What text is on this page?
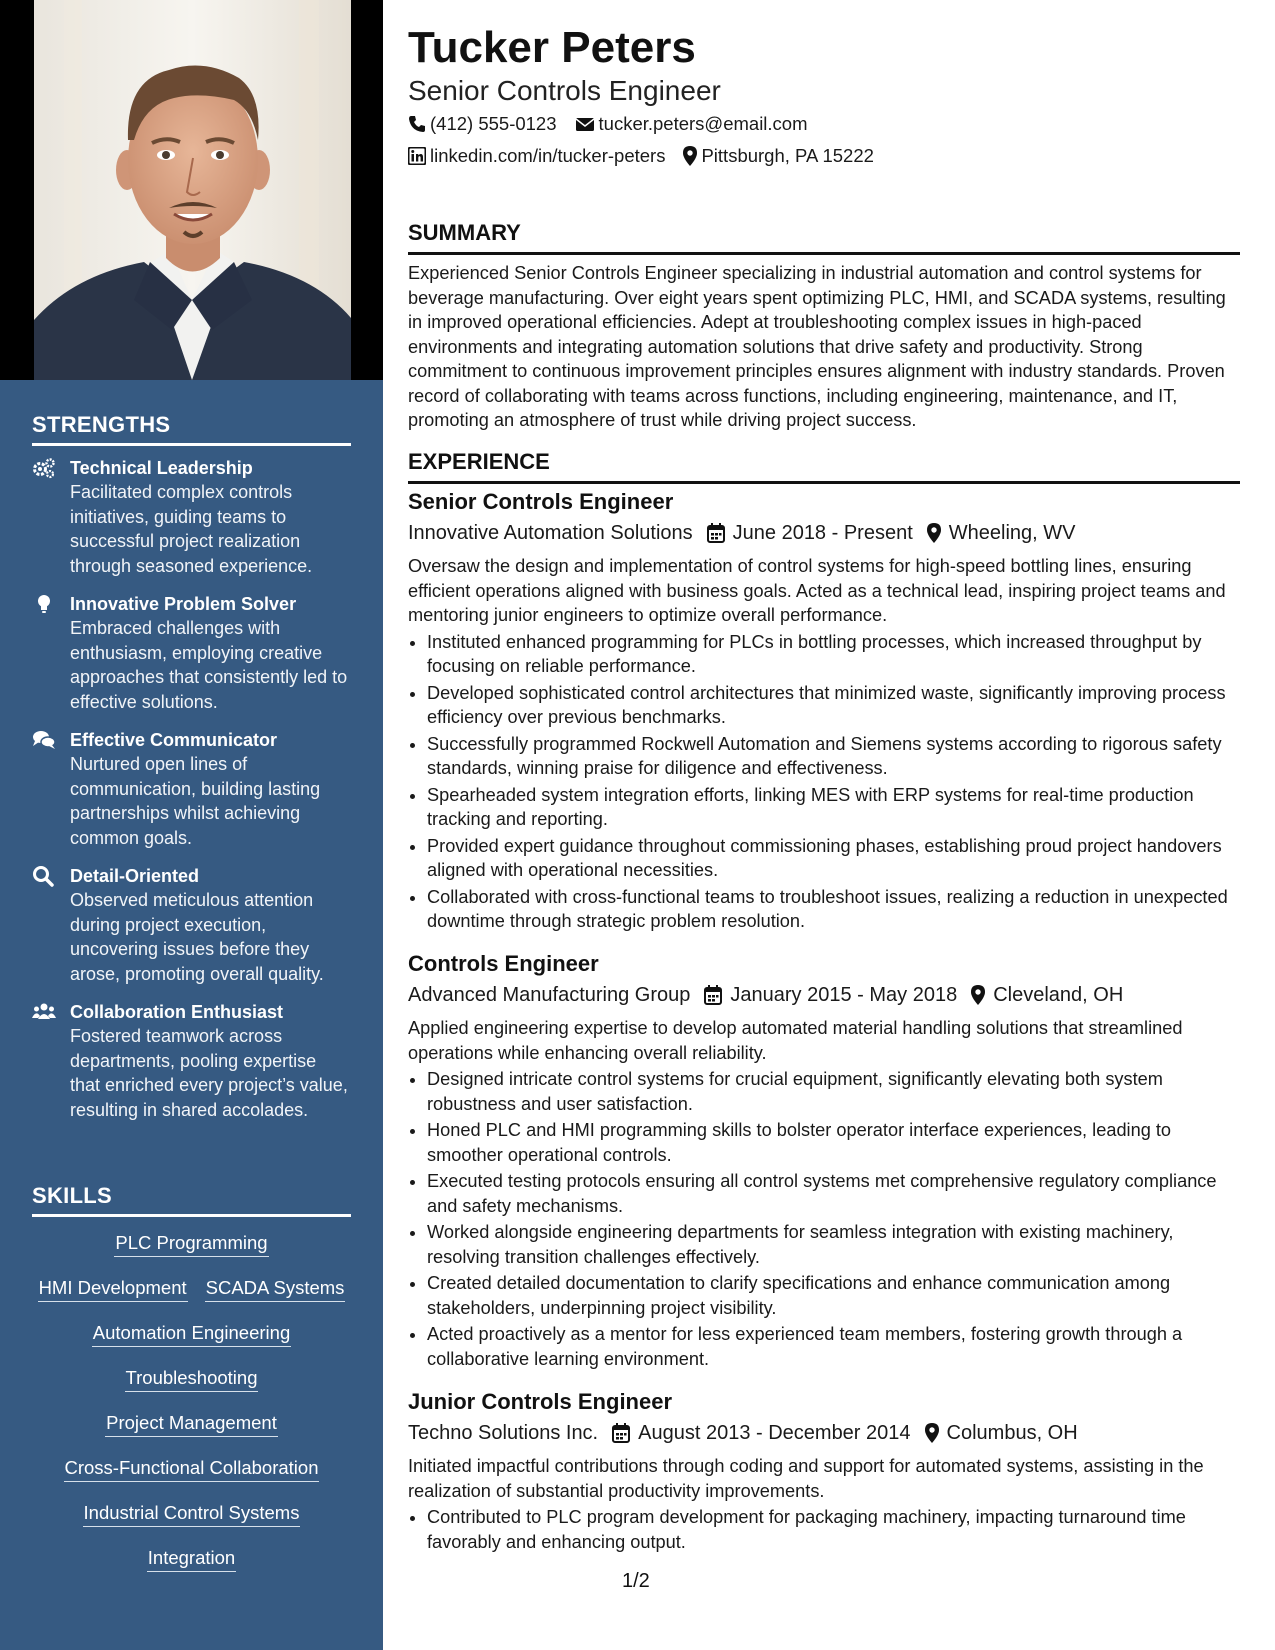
STRENGTHS
Technical Leadership
Facilitated complex controls initiatives, guiding teams to successful project realization through seasoned experience.
Innovative Problem Solver
Embraced challenges with enthusiasm, employing creative approaches that consistently led to effective solutions.
Effective Communicator
Nurtured open lines of communication, building lasting partnerships whilst achieving common goals.
Detail-Oriented
Observed meticulous attention during project execution, uncovering issues before they arose, promoting overall quality.
Collaboration Enthusiast
Fostered teamwork across departments, pooling expertise that enriched every project’s value, resulting in shared accolades.
SKILLS
PLC Programming
HMI Development SCADA Systems
Automation Engineering
Troubleshooting
Project Management
Cross-Functional Collaboration
Industrial Control Systems
Integration
Tucker Peters
Senior Controls Engineer
(412) 555-0123 tucker.peters@email.com
linkedin.com/in/tucker-peters Pittsburgh, PA 15222
SUMMARY
Experienced Senior Controls Engineer specializing in industrial automation and control systems for beverage manufacturing. Over eight years spent optimizing PLC, HMI, and SCADA systems, resulting in improved operational efficiencies. Adept at troubleshooting complex issues in high-paced environments and integrating automation solutions that drive safety and productivity. Strong commitment to continuous improvement principles ensures alignment with industry standards. Proven record of collaborating with teams across functions, including engineering, maintenance, and IT, promoting an atmosphere of trust while driving project success.
EXPERIENCE
Senior Controls Engineer
Innovative Automation Solutions June 2018 - Present Wheeling, WV
Oversaw the design and implementation of control systems for high-speed bottling lines, ensuring efficient operations aligned with business goals. Acted as a technical lead, inspiring project teams and mentoring junior engineers to optimize overall performance.
• Instituted enhanced programming for PLCs in bottling processes, which increased throughput by focusing on reliable performance.
• Developed sophisticated control architectures that minimized waste, significantly improving process efficiency over previous benchmarks.
• Successfully programmed Rockwell Automation and Siemens systems according to rigorous safety standards, winning praise for diligence and effectiveness.
• Spearheaded system integration efforts, linking MES with ERP systems for real-time production tracking and reporting.
• Provided expert guidance throughout commissioning phases, establishing proud project handovers aligned with operational necessities.
• Collaborated with cross-functional teams to troubleshoot issues, realizing a reduction in unexpected downtime through strategic problem resolution.
Controls Engineer
Advanced Manufacturing Group January 2015 - May 2018 Cleveland, OH
Applied engineering expertise to develop automated material handling solutions that streamlined operations while enhancing overall reliability.
• Designed intricate control systems for crucial equipment, significantly elevating both system robustness and user satisfaction.
• Honed PLC and HMI programming skills to bolster operator interface experiences, leading to smoother operational controls.
• Executed testing protocols ensuring all control systems met comprehensive regulatory compliance and safety mechanisms.
• Worked alongside engineering departments for seamless integration with existing machinery, resolving transition challenges effectively.
• Created detailed documentation to clarify specifications and enhance communication among stakeholders, underpinning project visibility.
• Acted proactively as a mentor for less experienced team members, fostering growth through a collaborative learning environment.
Junior Controls Engineer
Techno Solutions Inc. August 2013 - December 2014 Columbus, OH
Initiated impactful contributions through coding and support for automated systems, assisting in the realization of substantial productivity improvements.
• Contributed to PLC program development for packaging machinery, impacting turnaround time favorably and enhancing output.
1/2
